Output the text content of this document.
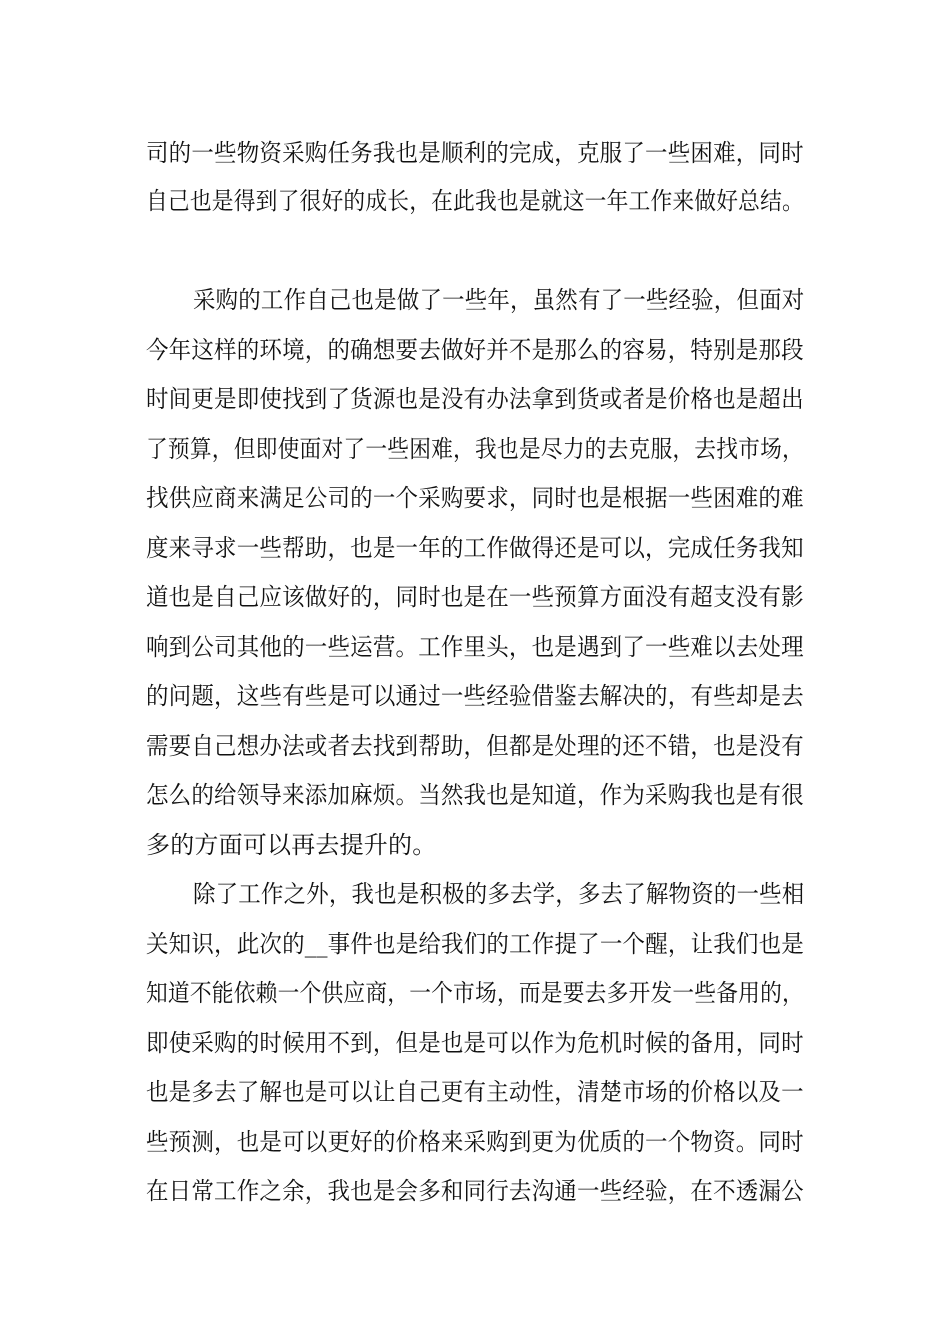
司的一些物资采购任务我也是顺利的完成，克服了一些困难，同时
自己也是得到了很好的成长，在此我也是就这一年工作来做好总结。
采购的工作自己也是做了一些年，虽然有了一些经验，但面对
今年这样的环境，的确想要去做好并不是那么的容易，特别是那段
时间更是即使找到了货源也是没有办法拿到货或者是价格也是超出
了预算，但即使面对了一些困难，我也是尽力的去克服，去找市场，
找供应商来满足公司的一个采购要求，同时也是根据一些困难的难
度来寻求一些帮助，也是一年的工作做得还是可以，完成任务我知
道也是自己应该做好的，同时也是在一些预算方面没有超支没有影
响到公司其他的一些运营。工作里头，也是遇到了一些难以去处理
的问题，这些有些是可以通过一些经验借鉴去解决的，有些却是去
需要自己想办法或者去找到帮助，但都是处理的还不错，也是没有
怎么的给领导来添加麻烦。当然我也是知道，作为采购我也是有很
多的方面可以再去提升的。
除了工作之外，我也是积极的多去学，多去了解物资的一些相
关知识，此次的__事件也是给我们的工作提了一个醒，让我们也是
知道不能依赖一个供应商，一个市场，而是要去多开发一些备用的，
即使采购的时候用不到，但是也是可以作为危机时候的备用，同时
也是多去了解也是可以让自己更有主动性，清楚市场的价格以及一
些预测，也是可以更好的价格来采购到更为优质的一个物资。同时
在日常工作之余，我也是会多和同行去沟通一些经验，在不透漏公
